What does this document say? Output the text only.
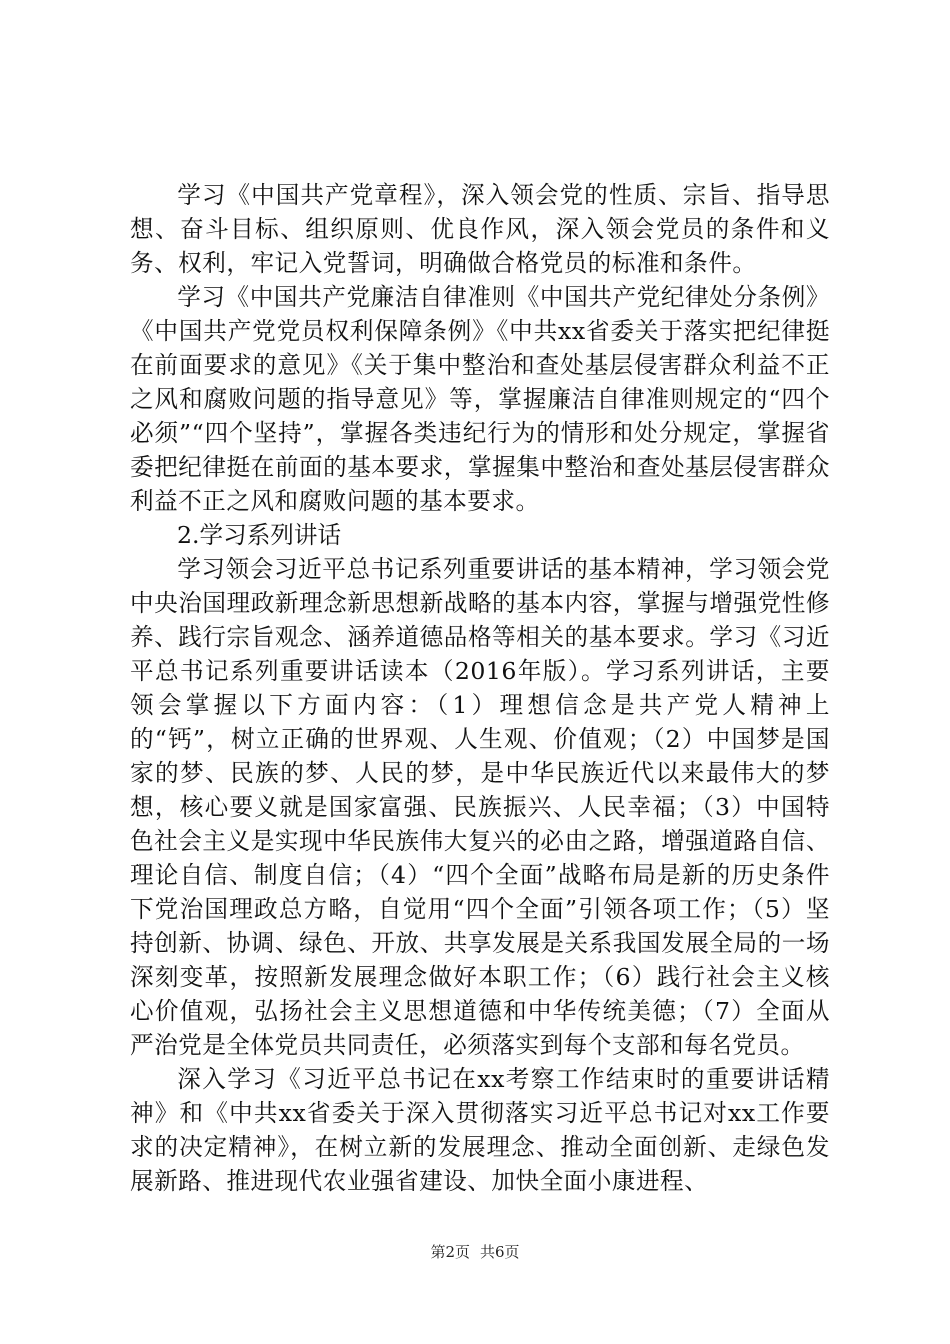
学习《中国共产党章程》，深入领会党的性质、宗旨、指导思想、奋斗目标、组织原则、优良作风，深入领会党员的条件和义务、权利，牢记入党誓词，明确做合格党员的标准和条件。

学习《中国共产党廉洁自律准则《中国共产党纪律处分条例》《中国共产党党员权利保障条例》《中共xx省委关于落实把纪律挺在前面要求的意见》《关于集中整治和查处基层侵害群众利益不正之风和腐败问题的指导意见》等，掌握廉洁自律准则规定的“四个必须”“四个坚持”，掌握各类违纪行为的情形和处分规定，掌握省委把纪律挺在前面的基本要求，掌握集中整治和查处基层侵害群众利益不正之风和腐败问题的基本要求。

2.学习系列讲话

学习领会习近平总书记系列重要讲话的基本精神，学习领会党中央治国理政新理念新思想新战略的基本内容，掌握与增强党性修养、践行宗旨观念、涵养道德品格等相关的基本要求。学习《习近平总书记系列重要讲话读本（2016年版）。学习系列讲话，主要领会掌握以下方面内容：（1）理想信念是共产党人精神上的“钙”，树立正确的世界观、人生观、价值观；（2）中国梦是国家的梦、民族的梦、人民的梦，是中华民族近代以来最伟大的梦想，核心要义就是国家富强、民族振兴、人民幸福；（3）中国特色社会主义是实现中华民族伟大复兴的必由之路，增强道路自信、理论自信、制度自信；（4）“四个全面”战略布局是新的历史条件下党治国理政总方略，自觉用“四个全面”引领各项工作；（5）坚持创新、协调、绿色、开放、共享发展是关系我国发展全局的一场深刻变革，按照新发展理念做好本职工作；（6）践行社会主义核心价值观，弘扬社会主义思想道德和中华传统美德；（7）全面从严治党是全体党员共同责任，必须落实到每个支部和每名党员。

深入学习《习近平总书记在xx考察工作结束时的重要讲话精神》和《中共xx省委关于深入贯彻落实习近平总书记对xx工作要求的决定精神》，在树立新的发展理念、推动全面创新、走绿色发展新路、推进现代农业强省建设、加快全面小康进程、

第2页 共6页
